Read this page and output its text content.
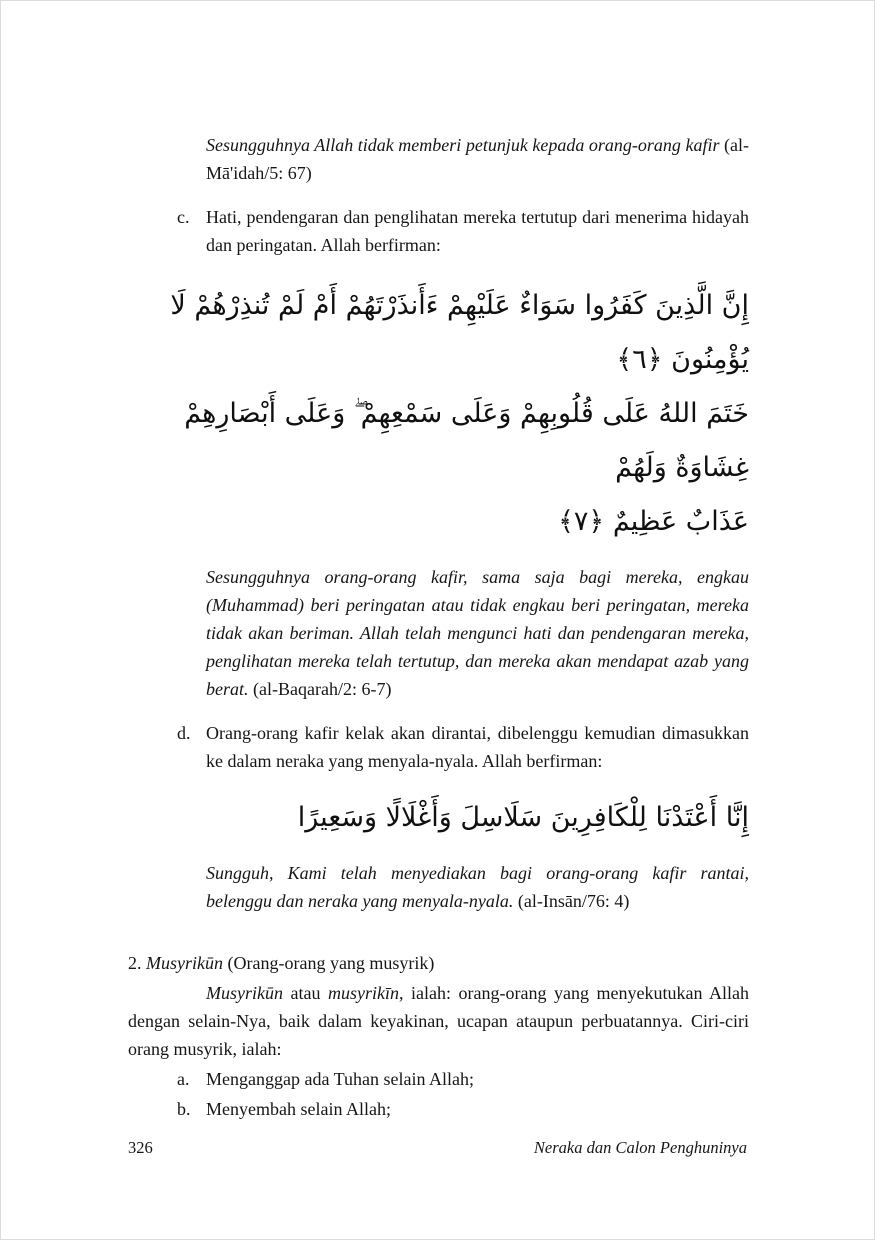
Sesungguhnya Allah tidak memberi petunjuk kepada orang-orang kafir (al-Mā'idah/5: 67)

c. Hati, pendengaran dan penglihatan mereka tertutup dari menerima hidayah dan peringatan. Allah berfirman:

إِنَّ الَّذِينَ كَفَرُوا سَوَاءٌ عَلَيْهِمْ ءَأَنذَرْتَهُمْ أَمْ لَمْ تُنذِرْهُمْ لَا يُؤْمِنُونَ ﴿٦﴾
خَتَمَ اللهُ عَلَى قُلُوبِهِمْ وَعَلَى سَمْعِهِمْ ۖ وَعَلَى أَبْصَارِهِمْ غِشَاوَةٌ وَلَهُمْ
عَذَابٌ عَظِيمٌ ﴿٧﴾

Sesungguhnya orang-orang kafir, sama saja bagi mereka, engkau (Muhammad) beri peringatan atau tidak engkau beri peringatan, mereka tidak akan beriman. Allah telah mengunci hati dan pendengaran mereka, penglihatan mereka telah tertutup, dan mereka akan mendapat azab yang berat. (al-Baqarah/2: 6-7)

d. Orang-orang kafir kelak akan dirantai, dibelenggu kemudian dimasukkan ke dalam neraka yang menyala-nyala. Allah berfirman:

إِنَّا أَعْتَدْنَا لِلْكَافِرِينَ سَلَاسِلَ وَأَغْلَالًا وَسَعِيرًا

Sungguh, Kami telah menyediakan bagi orang-orang kafir rantai, belenggu dan neraka yang menyala-nyala. (al-Insān/76: 4)

2. Musyrikūn (Orang-orang yang musyrik)

Musyrikūn atau musyrikīn, ialah: orang-orang yang menyekutukan Allah dengan selain-Nya, baik dalam keyakinan, ucapan ataupun perbuatannya. Ciri-ciri orang musyrik, ialah:

a. Menganggap ada Tuhan selain Allah;

b. Menyembah selain Allah;

326	Neraka dan Calon Penghuninya
